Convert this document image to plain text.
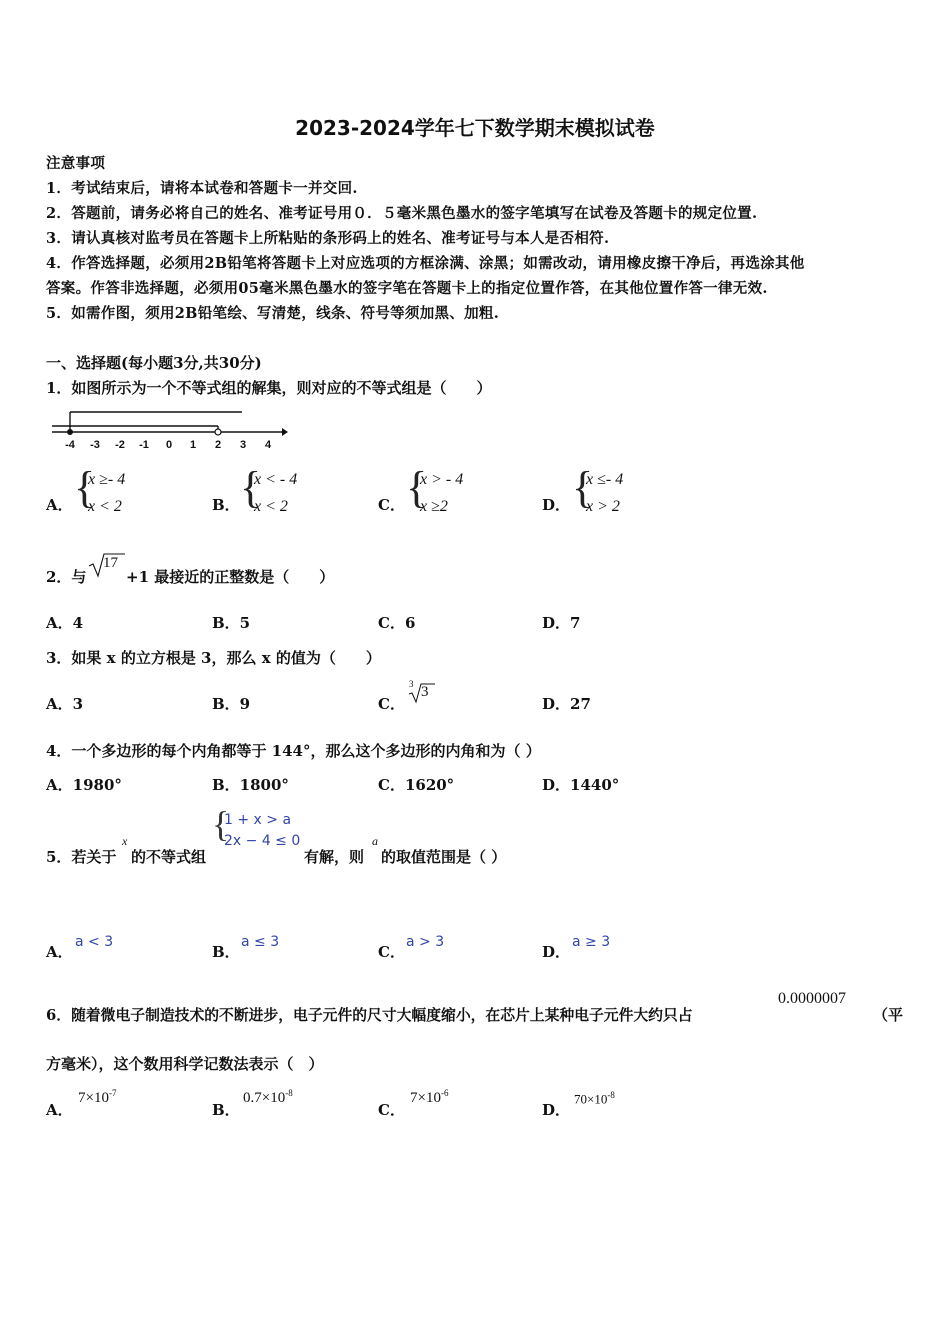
2023-2024学年七下数学期末模拟试卷
注意事项
1．考试结束后，请将本试卷和答题卡一并交回.
2．答题前，请务必将自己的姓名、准考证号用０．５毫米黑色墨水的签字笔填写在试卷及答题卡的规定位置.
3．请认真核对监考员在答题卡上所粘贴的条形码上的姓名、准考证号与本人是否相符.
4．作答选择题，必须用2B铅笔将答题卡上对应选项的方框涂满、涂黑；如需改动，请用橡皮擦干净后，再选涂其他
答案。作答非选择题，必须用05毫米黑色墨水的签字笔在答题卡上的指定位置作答，在其他位置作答一律无效.
5．如需作图，须用2B铅笔绘、写清楚，线条、符号等须加黑、加粗.
一、选择题(每小题3分,共30分)
1．如图所示为一个不等式组的解集，则对应的不等式组是（　　）
-4 -3 -2 -1 0 1 2 3 4
A． {
x ≥- 4
x < 2	B． {
x < - 4
x < 2	C． {
x > - 4
x ≥2	D． {
x ≤- 4
x > 2
2．与
17
+1 最接近的正整数是（　　）
A．4	B．5	C．6	D．7
3．如果 x 的立方根是 3，那么 x 的值为（　　）
A．3	B．9	C．
3 3
D．27
4．一个多边形的每个内角都等于 144°，那么这个多边形的内角和为（ ）
A．1980°	B．1800°	C．1620°	D．1440°
5．若关于
x
的不等式组
{
1 + x > a
2x − 4 ≤ 0
有解，则
a
的取值范围是（ ）
A．
a < 3
B．
a ≤ 3
C．
a > 3
D．
a ≥ 3
6．随着微电子制造技术的不断进步，电子元件的尺寸大幅度缩小，在芯片上某种电子元件大约只占
0.0000007
（平
方毫米），这个数用科学记数法表示（　）
A．
$7\times 10^{-7}$
B．
$0.7\times 10^{-8}$
C．
$7\times 10^{-6}$
D．
$70\times 10^{-8}$
